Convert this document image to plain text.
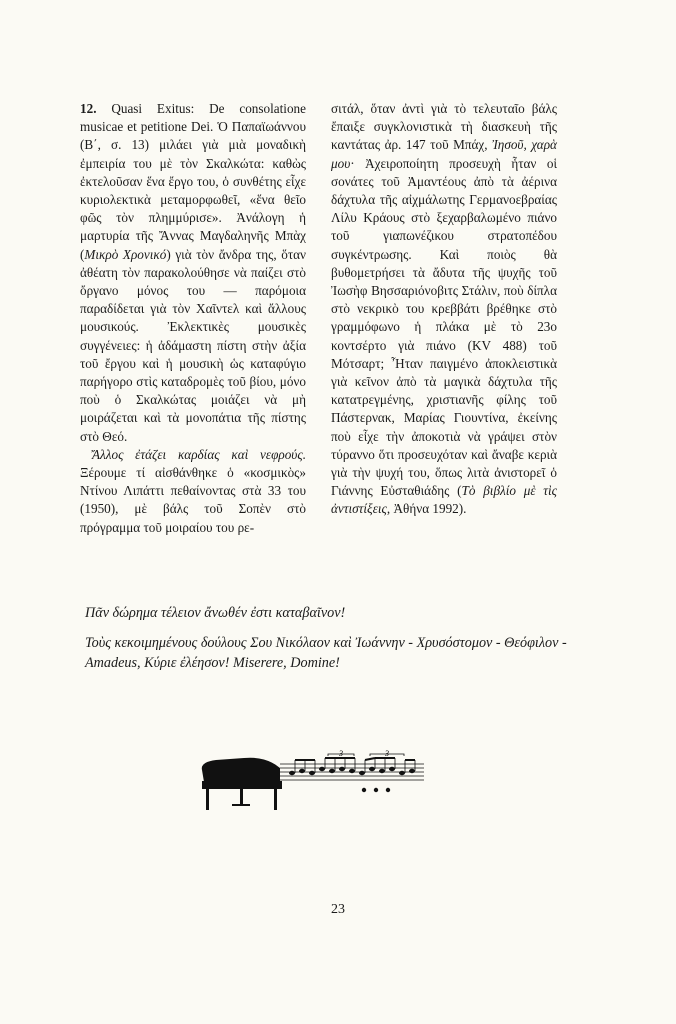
12. Quasi Exitus: De consolatione musicae et petitione Dei. Ὁ Παπαϊωάννου (Β΄, σ. 13) μιλάει γιὰ μιὰ μοναδικὴ ἐμπειρία του μὲ τὸν Σκαλκώτα: καθὼς ἐκτελοῦσαν ἕνα ἔργο του, ὁ συνθέτης εἶχε κυριολεκτικὰ μεταμορφωθεῖ, «ἕνα θεῖο φῶς τὸν πλημμύρισε». Ἀνάλογη ἡ μαρτυρία τῆς Ἄννας Μαγδαληνῆς Μπὰχ (Μικρὸ Χρονικό) γιὰ τὸν ἄνδρα της, ὅταν ἀθέατη τὸν παρακολούθησε νὰ παίζει στὸ ὄργανο μόνος του — παρόμοια παραδίδεται γιὰ τὸν Χαῖντελ καὶ ἄλλους μουσικούς. Ἐκλεκτικὲς μουσικὲς συγγένειες: ἡ ἀδάμαστη πίστη στὴν ἀξία τοῦ ἔργου καὶ ἡ μουσικὴ ὡς καταφύγιο παρήγορο στὶς καταδρομὲς τοῦ βίου, μόνο ποὺ ὁ Σκαλκώτας μοιάζει νὰ μὴ μοιράζεται καὶ τὰ μονοπάτια τῆς πίστης στὸ Θεό.

Ἄλλος ἐτάζει καρδίας καὶ νεφρούς. Ξέρουμε τί αἰσθάνθηκε ὁ «κοσμικὸς» Ντίνου Λιπάττι πεθαίνοντας στὰ 33 του (1950), μὲ βάλς τοῦ Σοπὲν στὸ πρόγραμμα τοῦ μοιραίου του ρε-

σιτάλ, ὅταν ἀντὶ γιὰ τὸ τελευταῖο βάλς ἔπαιξε συγκλονιστικὰ τὴ διασκευὴ τῆς καντάτας ἀρ. 147 τοῦ Μπάχ, Ἰησοῦ, χαρὰ μου· Ἀχειροποίητη προσευχὴ ἦταν οἱ σονάτες τοῦ Ἀμαντέους ἀπὸ τὰ ἀέρινα δάχτυλα τῆς αἰχμάλωτης Γερμανοεβραίας Λίλυ Κράους στὸ ξεχαρβαλωμένο πιάνο τοῦ γιαπωνέζικου στρατοπέδου συγκέντρωσης. Καὶ ποιὸς θὰ βυθομετρήσει τὰ ἄδυτα τῆς ψυχῆς τοῦ Ἰωσὴφ Βησσαριόνοβιτς Στάλιν, ποὺ δίπλα στὸ νεκρικὸ του κρεββάτι βρέθηκε στὸ γραμμόφωνο ἡ πλάκα μὲ τὸ 23ο κοντσέρτο γιὰ πιάνο (KV 488) τοῦ Μότσαρτ; Ἦταν παιγμένο ἀποκλειστικὰ γιὰ κεῖνον ἀπὸ τὰ μαγικὰ δάχτυλα τῆς κατατρεγμένης, χριστιανῆς φίλης τοῦ Πάστερνακ, Μαρίας Γιουντίνα, ἐκείνης ποὺ εἶχε τὴν ἀποκοτιὰ νὰ γράψει στὸν τύραννο ὅτι προσευχόταν καὶ ἄναβε κεριὰ γιὰ τὴν ψυχή του, ὅπως λιτὰ ἀνιστορεῖ ὁ Γιάννης Εὐσταθιάδης (Τὸ βιβλίο μὲ τὶς ἀντιστίξεις, Ἀθήνα 1992).

Πᾶν δώρημα τέλειον ἄνωθέν ἐστι καταβαῖνον!

Τοὺς κεκοιμημένους δούλους Σου Νικόλαον καὶ Ἰωάννην - Χρυσόστομον - Θεόφιλον - Amadeus, Κύριε ἐλέησον! Miserere, Domine!

3	3
23
